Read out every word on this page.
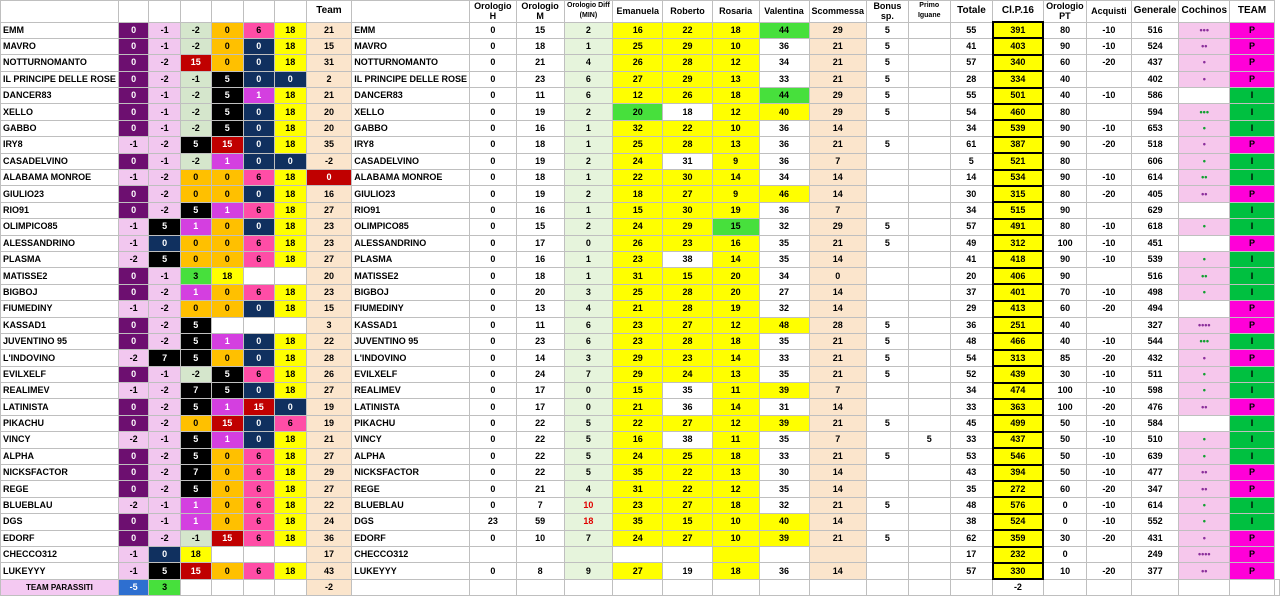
							Team		Orologio H	Orologio M	Orologio Diff (MIN)	Emanuela	Roberto	Rosaria	Valentina	Scommessa	Bonus sp.	Primo Iguane	Totale	Cl.P.16	Orologio PT	Acquisti	Generale	Cochinos	TEAM	
EMM	0	-1	-2	0	6	18	21	EMM	0	15	2	16	22	18	44	29	5		55	391	80	-10	516	•••	P	
MAVRO	0	-1	-2	0	0	18	15	MAVRO	0	18	1	25	29	10	36	21	5		41	403	90	-10	524	••	P	
NOTTURNOMANTO	0	-2	15	0	0	18	31	NOTTURNOMANTO	0	21	4	26	28	12	34	21	5		57	340	60	-20	437	•	P	
IL PRINCIPE DELLE ROSE	0	-2	-1	5	0	0	2	IL PRINCIPE DELLE ROSE	0	23	6	27	29	13	33	21	5		28	334	40		402	•	P	
DANCER83	0	-1	-2	5	1	18	21	DANCER83	0	11	6	12	26	18	44	29	5		55	501	40	-10	586		I	
XELLO	0	-1	-2	5	0	18	20	XELLO	0	19	2	20	18	12	40	29	5		54	460	80		594	•••	I	
GABBO	0	-1	-2	5	0	18	20	GABBO	0	16	1	32	22	10	36	14			34	539	90	-10	653	•	I	
IRY8	-1	-2	5	15	0	18	35	IRY8	0	18	1	25	28	13	36	21	5		61	387	90	-20	518	•	P	
CASADELVINO	0	-1	-2	1	0	0	-2	CASADELVINO	0	19	2	24	31	9	36	7			5	521	80		606	•	I	
ALABAMA MONROE	-1	-2	0	0	6	18	0	ALABAMA MONROE	0	18	1	22	30	14	34	14			14	534	90	-10	614	••	I	
GIULIO23	0	-2	0	0	0	18	16	GIULIO23	0	19	2	18	27	9	46	14			30	315	80	-20	405	••	P	
RIO91	0	-2	5	1	6	18	27	RIO91	0	16	1	15	30	19	36	7			34	515	90		629		I	
OLIMPICO85	-1	5	1	0	0	18	23	OLIMPICO85	0	15	2	24	29	15	32	29	5		57	491	80	-10	618	•	I	
ALESSANDRINO	-1	0	0	0	6	18	23	ALESSANDRINO	0	17	0	26	23	16	35	21	5		49	312	100	-10	451		P	
PLASMA	-2	5	0	0	6	18	27	PLASMA	0	16	1	23	38	14	35	14			41	418	90	-10	539	•	I	
MATISSE2	0	-1	3	18			20	MATISSE2	0	18	1	31	15	20	34	0			20	406	90		516	••	I	
BIGBOJ	0	-2	1	0	6	18	23	BIGBOJ	0	20	3	25	28	20	27	14			37	401	70	-10	498	•	I	
FIUMEDINY	-1	-2	0	0	0	18	15	FIUMEDINY	0	13	4	21	28	19	32	14			29	413	60	-20	494		P	
KASSAD1	0	-2	5				3	KASSAD1	0	11	6	23	27	12	48	28	5		36	251	40		327	••••	P	
JUVENTINO 95	0	-2	5	1	0	18	22	JUVENTINO 95	0	23	6	23	28	18	35	21	5		48	466	40	-10	544	•••	I	
L'INDOVINO	-2	7	5	0	0	18	28	L'INDOVINO	0	14	3	29	23	14	33	21	5		54	313	85	-20	432	•	P	
EVILXELF	0	-1	-2	5	6	18	26	EVILXELF	0	24	7	29	24	13	35	21	5		52	439	30	-10	511	•	I	
REALIMEV	-1	-2	7	5	0	18	27	REALIMEV	0	17	0	15	35	11	39	7			34	474	100	-10	598	•	I	
LATINISTA	0	-2	5	1	15	0	19	LATINISTA	0	17	0	21	36	14	31	14			33	363	100	-20	476	••	P	
PIKACHU	0	-2	0	15	0	6	19	PIKACHU	0	22	5	22	27	12	39	21	5		45	499	50	-10	584		I	
VINCY	-2	-1	5	1	0	18	21	VINCY	0	22	5	16	38	11	35	7		5	33	437	50	-10	510	•	I	
ALPHA	0	-2	5	0	6	18	27	ALPHA	0	22	5	24	25	18	33	21	5		53	546	50	-10	639	•	I	
NICKSFACTOR	0	-2	7	0	6	18	29	NICKSFACTOR	0	22	5	35	22	13	30	14			43	394	50	-10	477	••	P	
REGE	0	-2	5	0	6	18	27	REGE	0	21	4	31	22	12	35	14			35	272	60	-20	347	••	P	
BLUEBLAU	-2	-1	1	0	6	18	22	BLUEBLAU	0	7	10	23	27	18	32	21	5		48	576	0	-10	614	•	I	
DGS	0	-1	1	0	6	18	24	DGS	23	59	18	35	15	10	40	14			38	524	0	-10	552	•	I	
EDORF	0	-2	-1	15	6	18	36	EDORF	0	10	7	24	27	10	39	21	5		62	359	30	-20	431	•	P	
CHECCO312	-1	0	18				17	CHECCO312											17	232	0		249	••••	P	
LUKEYYY	-1	5	15	0	6	18	43	LUKEYYY	0	8	9	27	19	18	36	14			57	330	10	-20	377	••	P	
TEAM PARASSITI	-5	3					-2													-2						
